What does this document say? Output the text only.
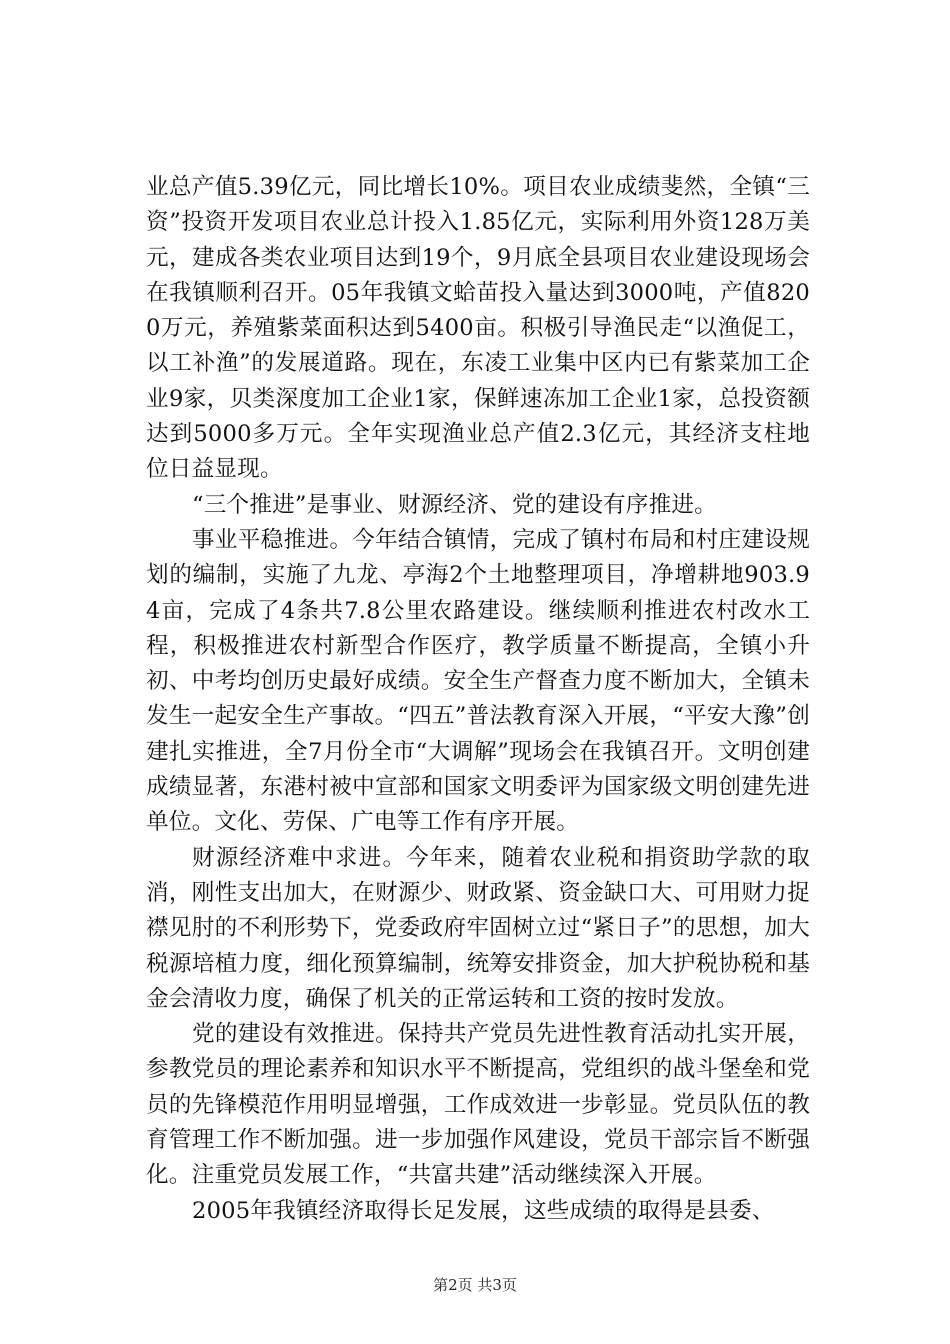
业总产值5.39亿元，同比增长10%。项目农业成绩斐然，全镇“三资”投资开发项目农业总计投入1.85亿元，实际利用外资128万美元，建成各类农业项目达到19个，9月底全县项目农业建设现场会在我镇顺利召开。05年我镇文蛤苗投入量达到3000吨，产值8200万元，养殖紫菜面积达到5400亩。积极引导渔民走“以渔促工，以工补渔”的发展道路。现在，东凌工业集中区内已有紫菜加工企业9家，贝类深度加工企业1家，保鲜速冻加工企业1家，总投资额达到5000多万元。全年实现渔业总产值2.3亿元，其经济支柱地位日益显现。

“三个推进”是事业、财源经济、党的建设有序推进。

事业平稳推进。今年结合镇情，完成了镇村布局和村庄建设规划的编制，实施了九龙、亭海2个土地整理项目，净增耕地903.94亩，完成了4条共7.8公里农路建设。继续顺利推进农村改水工程，积极推进农村新型合作医疗，教学质量不断提高，全镇小升初、中考均创历史最好成绩。安全生产督查力度不断加大，全镇未发生一起安全生产事故。“四五”普法教育深入开展，“平安大豫”创建扎实推进，全7月份全市“大调解”现场会在我镇召开。文明创建成绩显著，东港村被中宣部和国家文明委评为国家级文明创建先进单位。文化、劳保、广电等工作有序开展。

财源经济难中求进。今年来，随着农业税和捐资助学款的取消，刚性支出加大，在财源少、财政紧、资金缺口大、可用财力捉襟见肘的不利形势下，党委政府牢固树立过“紧日子”的思想，加大税源培植力度，细化预算编制，统筹安排资金，加大护税协税和基金会清收力度，确保了机关的正常运转和工资的按时发放。

党的建设有效推进。保持共产党员先进性教育活动扎实开展，参教党员的理论素养和知识水平不断提高，党组织的战斗堡垒和党员的先锋模范作用明显增强，工作成效进一步彰显。党员队伍的教育管理工作不断加强。进一步加强作风建设，党员干部宗旨不断强化。注重党员发展工作，“共富共建”活动继续深入开展。

2005年我镇经济取得长足发展，这些成绩的取得是县委、

第2页 共3页
